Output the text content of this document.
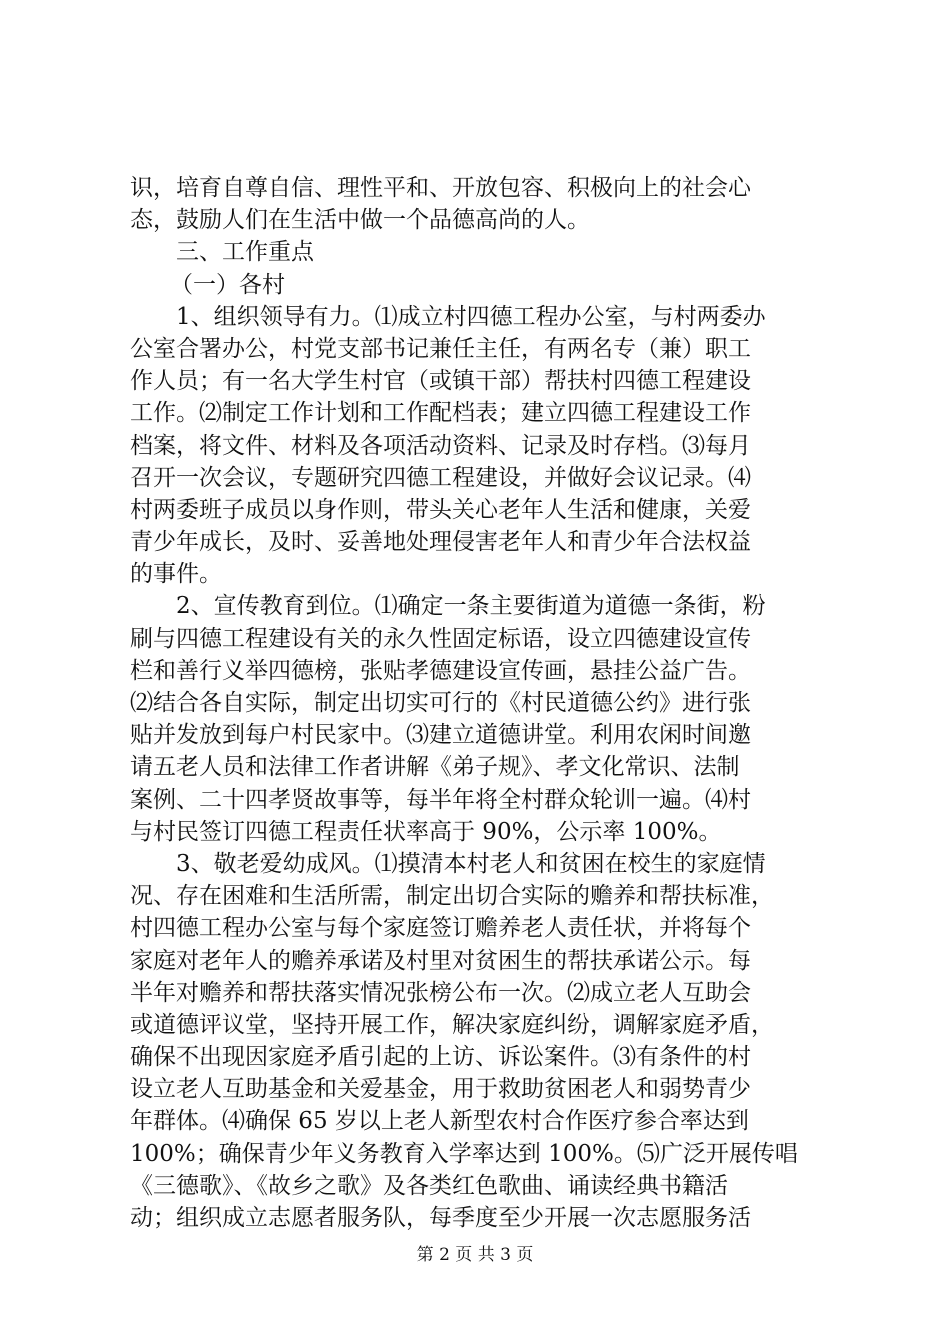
识，培育自尊自信、理性平和、开放包容、积极向上的社会心
态，鼓励人们在生活中做一个品德高尚的人。
三、工作重点
（一）各村
1、组织领导有力。⑴成立村四德工程办公室，与村两委办
公室合署办公，村党支部书记兼任主任，有两名专（兼）职工
作人员；有一名大学生村官（或镇干部）帮扶村四德工程建设
工作。⑵制定工作计划和工作配档表；建立四德工程建设工作
档案，将文件、材料及各项活动资料、记录及时存档。⑶每月
召开一次会议，专题研究四德工程建设，并做好会议记录。⑷
村两委班子成员以身作则，带头关心老年人生活和健康，关爱
青少年成长，及时、妥善地处理侵害老年人和青少年合法权益
的事件。
2、宣传教育到位。⑴确定一条主要街道为道德一条街，粉
刷与四德工程建设有关的永久性固定标语，设立四德建设宣传
栏和善行义举四德榜，张贴孝德建设宣传画，悬挂公益广告。
⑵结合各自实际，制定出切实可行的《村民道德公约》进行张
贴并发放到每户村民家中。⑶建立道德讲堂。利用农闲时间邀
请五老人员和法律工作者讲解《弟子规》、孝文化常识、法制
案例、二十四孝贤故事等，每半年将全村群众轮训一遍。⑷村
与村民签订四德工程责任状率高于 90%，公示率 100%。
3、敬老爱幼成风。⑴摸清本村老人和贫困在校生的家庭情
况、存在困难和生活所需，制定出切合实际的赡养和帮扶标准，
村四德工程办公室与每个家庭签订赡养老人责任状，并将每个
家庭对老年人的赡养承诺及村里对贫困生的帮扶承诺公示。每
半年对赡养和帮扶落实情况张榜公布一次。⑵成立老人互助会
或道德评议堂，坚持开展工作，解决家庭纠纷，调解家庭矛盾，
确保不出现因家庭矛盾引起的上访、诉讼案件。⑶有条件的村
设立老人互助基金和关爱基金，用于救助贫困老人和弱势青少
年群体。⑷确保 65 岁以上老人新型农村合作医疗参合率达到
100%；确保青少年义务教育入学率达到 100%。⑸广泛开展传唱
《三德歌》、《故乡之歌》及各类红色歌曲、诵读经典书籍活
动；组织成立志愿者服务队，每季度至少开展一次志愿服务活
第 2 页 共 3 页
